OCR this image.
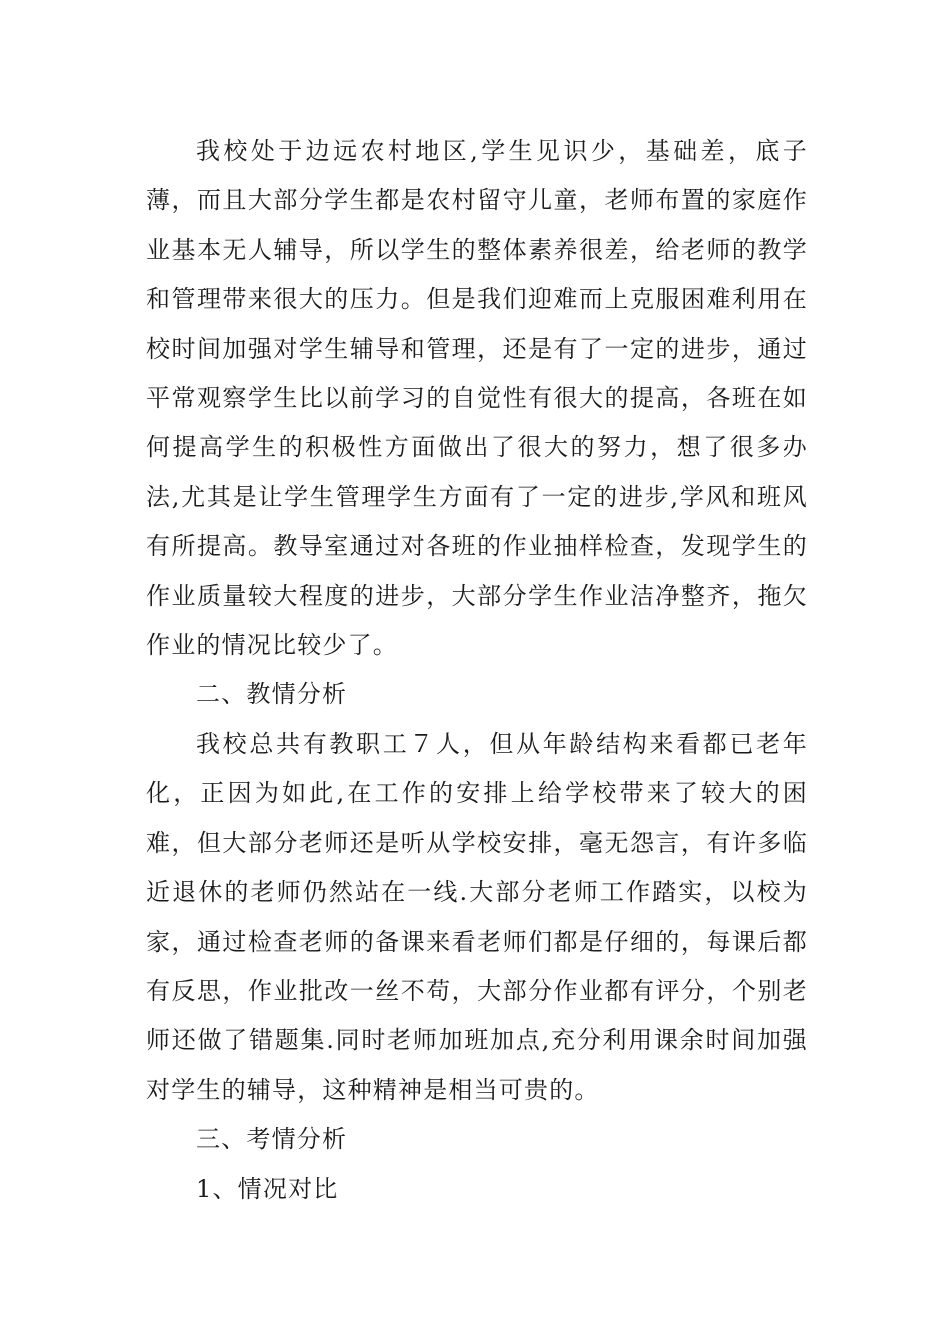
我校处于边远农村地区,学生见识少，基础差，底子薄，而且大部分学生都是农村留守儿童，老师布置的家庭作业基本无人辅导，所以学生的整体素养很差，给老师的教学和管理带来很大的压力。但是我们迎难而上克服困难利用在校时间加强对学生辅导和管理，还是有了一定的进步，通过平常观察学生比以前学习的自觉性有很大的提高，各班在如何提高学生的积极性方面做出了很大的努力，想了很多办法,尤其是让学生管理学生方面有了一定的进步,学风和班风有所提高。教导室通过对各班的作业抽样检查，发现学生的作业质量较大程度的进步，大部分学生作业洁净整齐，拖欠作业的情况比较少了。

二、教情分析

我校总共有教职工７人，但从年龄结构来看都已老年化，正因为如此,在工作的安排上给学校带来了较大的困难，但大部分老师还是听从学校安排，毫无怨言，有许多临近退休的老师仍然站在一线.大部分老师工作踏实，以校为家，通过检查老师的备课来看老师们都是仔细的，每课后都有反思，作业批改一丝不苟，大部分作业都有评分，个别老师还做了错题集.同时老师加班加点,充分利用课余时间加强对学生的辅导，这种精神是相当可贵的。

三、考情分析

1、情况对比
